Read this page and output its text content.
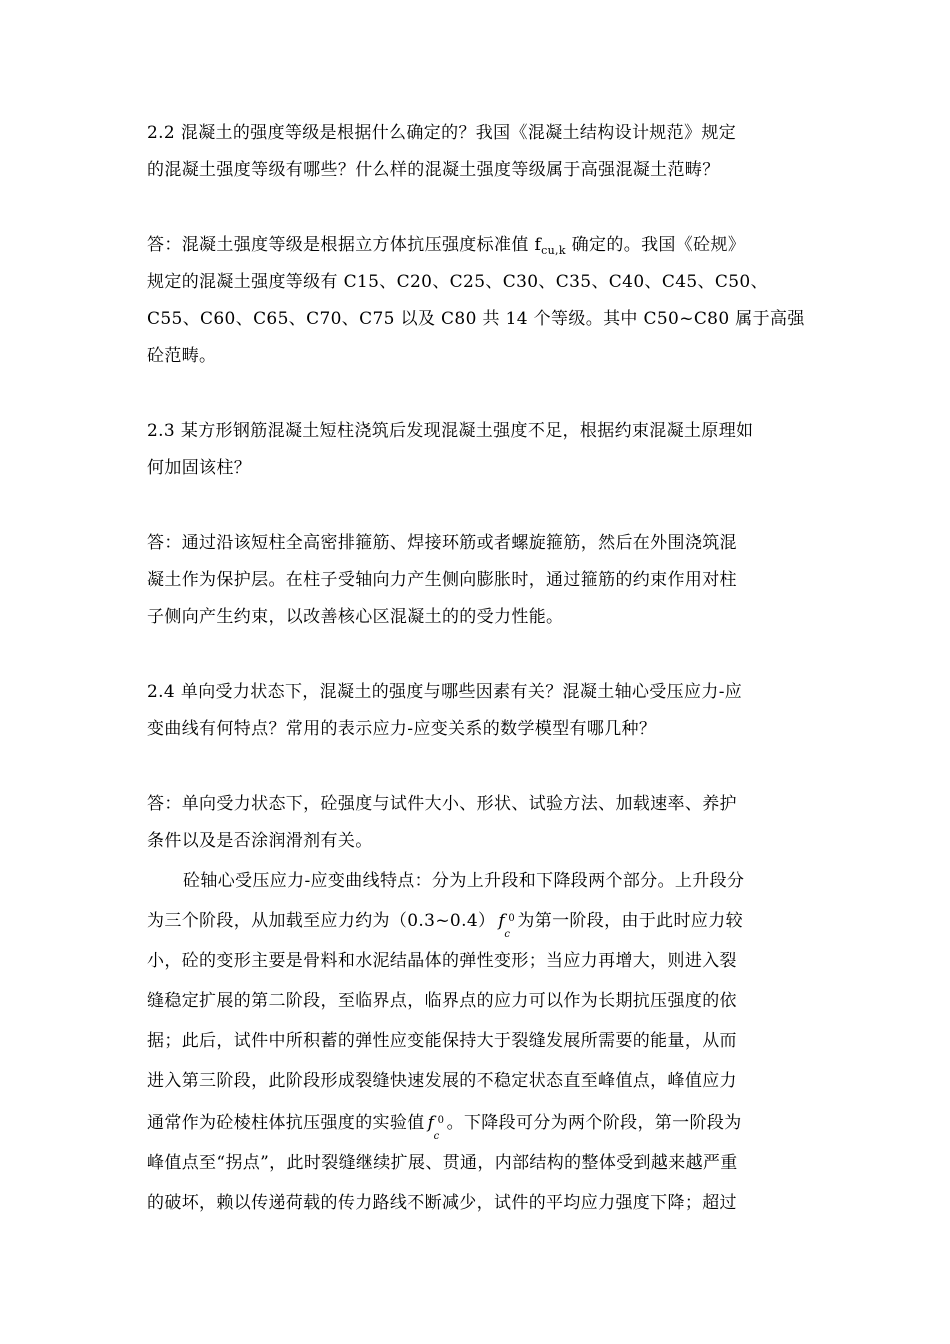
2.2 混凝土的强度等级是根据什么确定的？我国《混凝土结构设计规范》规定
的混凝土强度等级有哪些？什么样的混凝土强度等级属于高强混凝土范畴？
答：混凝土强度等级是根据立方体抗压强度标准值 $f_{cu,k}$ 确定的。我国《砼规》
规定的混凝土强度等级有 C15、C20、C25、C30、C35、C40、C45、C50、
C55、C60、C65、C70、C75 以及 C80 共 14 个等级。其中 C50~C80 属于高强
砼范畴。
2.3 某方形钢筋混凝土短柱浇筑后发现混凝土强度不足，根据约束混凝土原理如
何加固该柱？
答：通过沿该短柱全高密排箍筋、焊接环筋或者螺旋箍筋，然后在外围浇筑混
凝土作为保护层。在柱子受轴向力产生侧向膨胀时，通过箍筋的约束作用对柱
子侧向产生约束，以改善核心区混凝土的的受力性能。
2.4 单向受力状态下，混凝土的强度与哪些因素有关？混凝土轴心受压应力-应
变曲线有何特点？常用的表示应力-应变关系的数学模型有哪几种？
答：单向受力状态下，砼强度与试件大小、形状、试验方法、加载速率、养护
条件以及是否涂润滑剂有关。
砼轴心受压应力-应变曲线特点：分为上升段和下降段两个部分。上升段分
为三个阶段，从加载至应力约为（0.3~0.4） f 0
c
为第一阶段，由于此时应力较
小，砼的变形主要是骨料和水泥结晶体的弹性变形；当应力再增大，则进入裂
缝稳定扩展的第二阶段，至临界点，临界点的应力可以作为长期抗压强度的依
据；此后，试件中所积蓄的弹性应变能保持大于裂缝发展所需要的能量，从而
进入第三阶段，此阶段形成裂缝快速发展的不稳定状态直至峰值点，峰值应力
通常作为砼棱柱体抗压强度的实验值 f 0
c
。下降段可分为两个阶段，第一阶段为
峰值点至“拐点”，此时裂缝继续扩展、贯通，内部结构的整体受到越来越严重
的破坏，赖以传递荷载的传力路线不断减少，试件的平均应力强度下降；超过
